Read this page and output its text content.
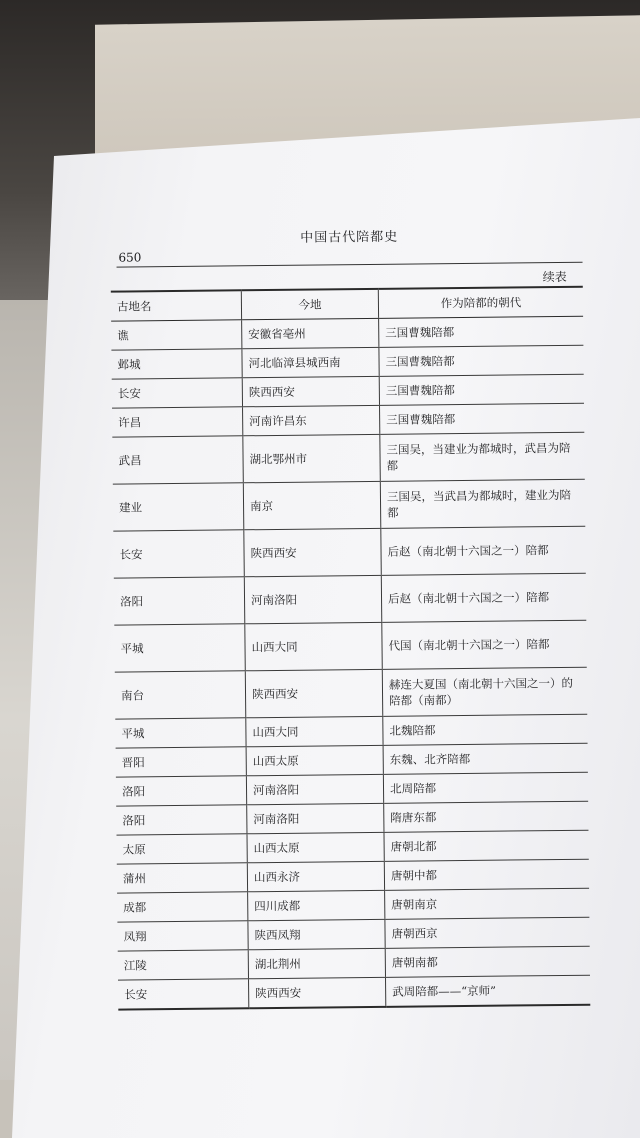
650
中国古代陪都史
续表
古地名	今地	作为陪都的朝代
谯	安徽省亳州	三国曹魏陪都
邺城	河北临漳县城西南	三国曹魏陪都
长安	陕西西安	三国曹魏陪都
许昌	河南许昌东	三国曹魏陪都
武昌	湖北鄂州市	三国吴，当建业为都城时，武昌为陪都
建业	南京	三国吴，当武昌为都城时，建业为陪都
长安	陕西西安	后赵（南北朝十六国之一）陪都
洛阳	河南洛阳	后赵（南北朝十六国之一）陪都
平城	山西大同	代国（南北朝十六国之一）陪都
南台	陕西西安	赫连大夏国（南北朝十六国之一）的陪都（南都）
平城	山西大同	北魏陪都
晋阳	山西太原	东魏、北齐陪都
洛阳	河南洛阳	北周陪都
洛阳	河南洛阳	隋唐东都
太原	山西太原	唐朝北都
蒲州	山西永济	唐朝中都
成都	四川成都	唐朝南京
凤翔	陕西凤翔	唐朝西京
江陵	湖北荆州	唐朝南都
长安	陕西西安	武周陪都——“京师”
